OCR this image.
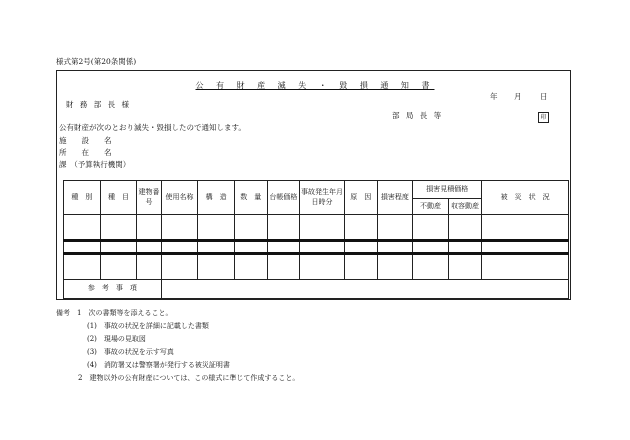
様式第2号(第20条関係)
公 有 財 産 滅 失 ・ 毀 損 通 知 書
年 月 日
財 務 部 長 様
部 局 長 等	印
公有財産が次のとおり滅失・毀損したので通知します。
施　　設　　名
所　　在　　名
課　（予算執行機関）
種　別	種　目	建物番号	使用名称	構　造	数　量	台帳価格	事故発生年月日時分	原　因	損害程度	損害見積価格		被　災　状　況
										不動産	収容動産	

参　考　事　項												
備考　1　次の書類等を添えること。
(1)　事故の状況を詳細に記載した書類
(2)　現場の見取図
(3)　事故の状況を示す写真
(4)　消防署又は警察署が発行する被災証明書
2　建物以外の公有財産については、この様式に準じて作成すること。
